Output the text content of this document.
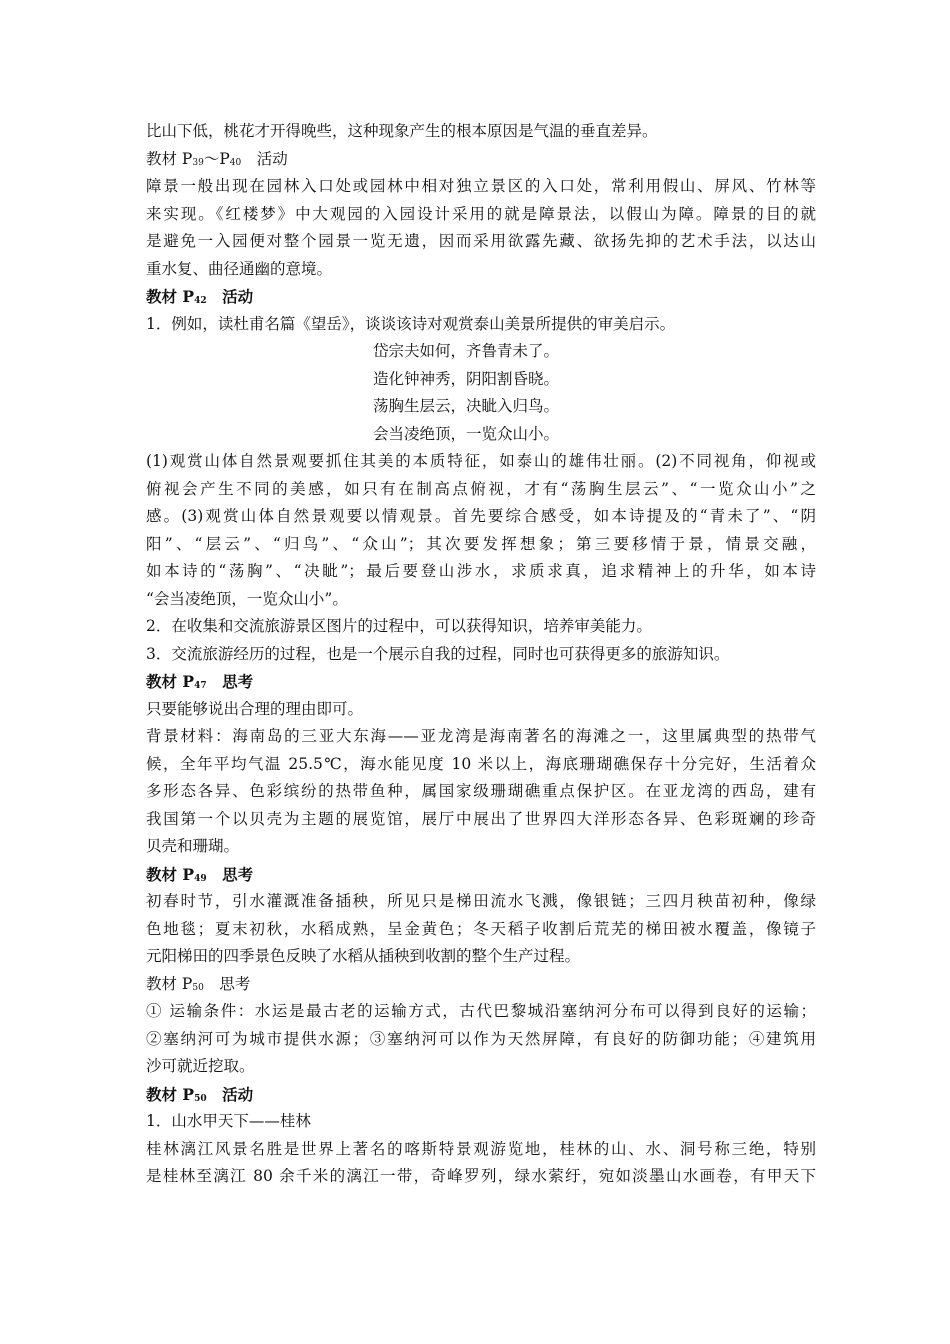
比山下低，桃花才开得晚些，这种现象产生的根本原因是气温的垂直差异。
教材 P39～P40　活动
障景一般出现在园林入口处或园林中相对独立景区的入口处，常利用假山、屏风、竹林等
来实现。《红楼梦》中大观园的入园设计采用的就是障景法，以假山为障。障景的目的就
是避免一入园便对整个园景一览无遗，因而采用欲露先藏、欲扬先抑的艺术手法，以达山
重水复、曲径通幽的意境。
教材 P42　活动
1．例如，读杜甫名篇《望岳》，谈谈该诗对观赏泰山美景所提供的审美启示。
岱宗夫如何，齐鲁青未了。
造化钟神秀，阴阳割昏晓。
荡胸生层云，决眦入归鸟。
会当凌绝顶，一览众山小。
(1)观赏山体自然景观要抓住其美的本质特征，如泰山的雄伟壮丽。(2)不同视角，仰视或
俯视会产生不同的美感，如只有在制高点俯视，才有“荡胸生层云”、“一览众山小”之
感。(3)观赏山体自然景观要以情观景。首先要综合感受，如本诗提及的“青未了”、“阴
阳”、“层云”、“归鸟”、“众山”；其次要发挥想象；第三要移情于景，情景交融，
如本诗的“荡胸”、“决眦”；最后要登山涉水，求质求真，追求精神上的升华，如本诗
“会当凌绝顶，一览众山小”。
2．在收集和交流旅游景区图片的过程中，可以获得知识，培养审美能力。
3．交流旅游经历的过程，也是一个展示自我的过程，同时也可获得更多的旅游知识。
教材 P47　思考
只要能够说出合理的理由即可。
背景材料：海南岛的三亚大东海——亚龙湾是海南著名的海滩之一，这里属典型的热带气
候，全年平均气温 25.5℃，海水能见度 10 米以上，海底珊瑚礁保存十分完好，生活着众
多形态各异、色彩缤纷的热带鱼种，属国家级珊瑚礁重点保护区。在亚龙湾的西岛，建有
我国第一个以贝壳为主题的展览馆，展厅中展出了世界四大洋形态各异、色彩斑斓的珍奇
贝壳和珊瑚。
教材 P49　思考
初春时节，引水灌溉准备插秧，所见只是梯田流水飞溅，像银链；三四月秧苗初种，像绿
色地毯；夏末初秋，水稻成熟，呈金黄色；冬天稻子收割后荒芜的梯田被水覆盖，像镜子
元阳梯田的四季景色反映了水稻从插秧到收割的整个生产过程。
教材 P50　思考
① 运输条件：水运是最古老的运输方式，古代巴黎城沿塞纳河分布可以得到良好的运输；
②塞纳河可为城市提供水源；③塞纳河可以作为天然屏障，有良好的防御功能；④建筑用
沙可就近挖取。
教材 P50　活动
1．山水甲天下——桂林
桂林漓江风景名胜是世界上著名的喀斯特景观游览地，桂林的山、水、洞号称三绝，特别
是桂林至漓江 80 余千米的漓江一带，奇峰罗列，绿水萦纡，宛如淡墨山水画卷，有甲天下
